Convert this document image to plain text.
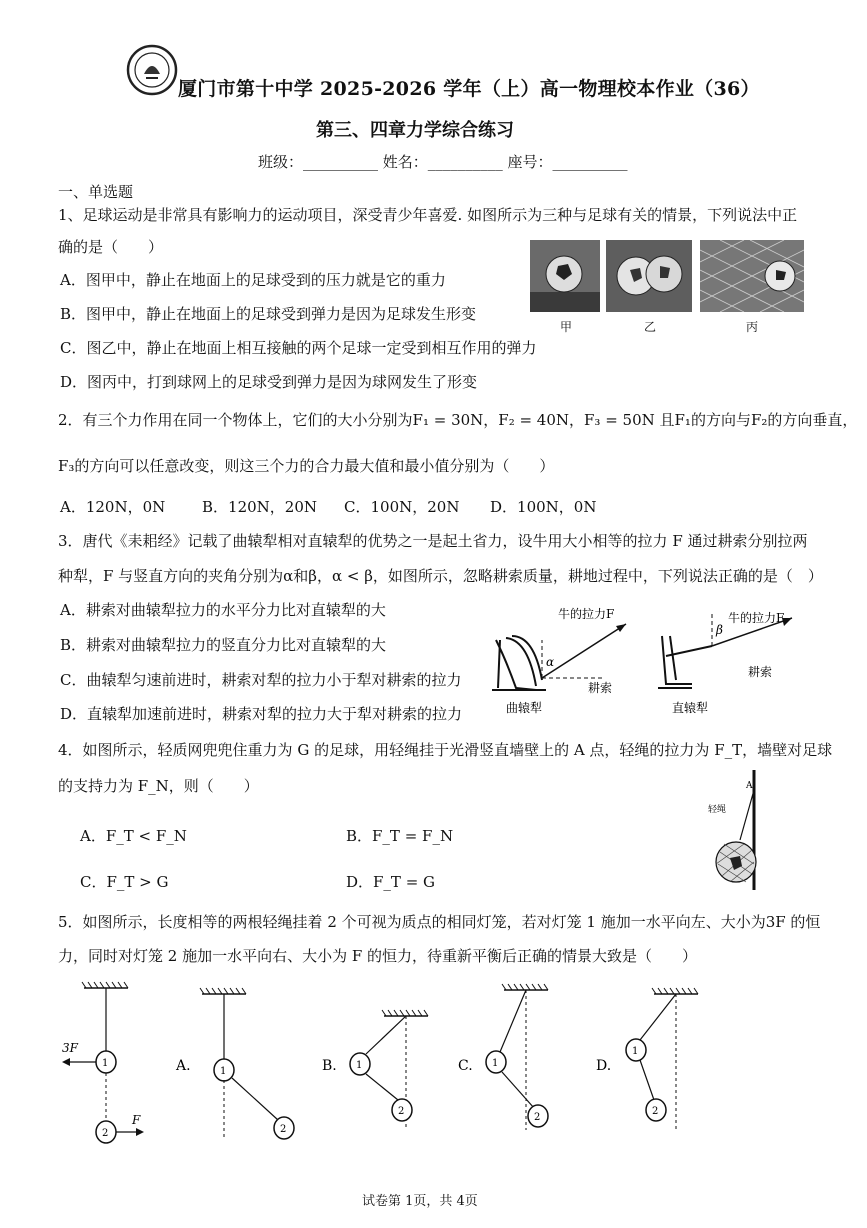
厦门市第十中学 2025-2026 学年（上）高一物理校本作业（36）
第三、四章力学综合练习
班级：__________ 姓名：__________ 座号：__________
一、单选题
1、足球运动是非常具有影响力的运动项目，深受青少年喜爱. 如图所示为三种与足球有关的情景，下列说法中正
确的是（　　）
A．图甲中，静止在地面上的足球受到的压力就是它的重力
B．图甲中，静止在地面上的足球受到弹力是因为足球发生形变
C．图乙中，静止在地面上相互接触的两个足球一定受到相互作用的弹力
D．图丙中，打到球网上的足球受到弹力是因为球网发生了形变
甲	乙	丙
2．有三个力作用在同一个物体上，它们的大小分别为F₁ = 30N，F₂ = 40N，F₃ = 50N 且F₁的方向与F₂的方向垂直，
F₃的方向可以任意改变，则这三个力的合力最大值和最小值分别为（　　）
A．120N，0N B．120N，20N C．100N，20N D．100N，0N
3．唐代《耒耜经》记载了曲辕犁相对直辕犁的优势之一是起土省力，设牛用大小相等的拉力 F 通过耕索分别拉两
种犁，F 与竖直方向的夹角分别为α和β，α < β，如图所示，忽略耕索质量，耕地过程中，下列说法正确的是（　）
A．耕索对曲辕犁拉力的水平分力比对直辕犁的大
B．耕索对曲辕犁拉力的竖直分力比对直辕犁的大
C．曲辕犁匀速前进时，耕索对犁的拉力小于犁对耕索的拉力
D．直辕犁加速前进时，耕索对犁的拉力大于犁对耕索的拉力
α
牛的拉力F
耕索
曲辕犁
β
牛的拉力F
耕索
直辕犁
4．如图所示，轻质网兜兜住重力为 G 的足球，用轻绳挂于光滑竖直墙壁上的 A 点，轻绳的拉力为 F_T，墙壁对足球
的支持力为 F_N，则（　　）
A．F_T < F_N	B．F_T = F_N
C．F_T > G	D．F_T = G
A
轻绳
5．如图所示，长度相等的两根轻绳挂着 2 个可视为质点的相同灯笼，若对灯笼 1 施加一水平向左、大小为3F 的恒
力，同时对灯笼 2 施加一水平向右、大小为 F 的恒力，待重新平衡后正确的情景大致是（　　）
1
2
3F
F
A.	1
2
B. 1
2
C. 1
2
D.
1
2
试卷第 1页，共 4页
